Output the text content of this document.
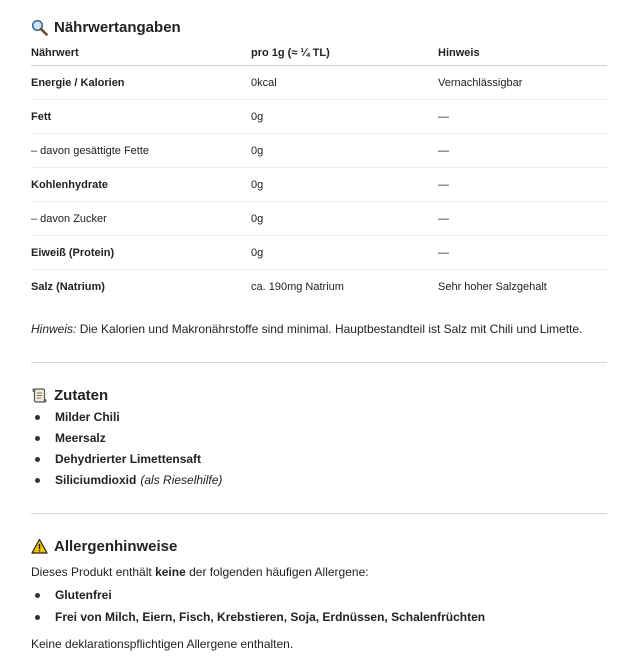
Nährwertangaben
Nährwert	pro 1g (≈ ¼ TL)	Hinweis
Energie / Kalorien	0kcal	Vernachlässigbar
Fett	0g	—
– davon gesättigte Fette	0g	—
Kohlenhydrate	0g	—
– davon Zucker	0g	—
Eiweiß (Protein)	0g	—
Salz (Natrium)	ca. 190mg Natrium	Sehr hoher Salzgehalt
Hinweis: Die Kalorien und Makronährstoffe sind minimal. Hauptbestandteil ist Salz mit Chili und Limette.
Zutaten
Milder Chili
Meersalz
Dehydrierter Limettensaft
Siliciumdioxid (als Rieselhilfe)
Allergenhinweise
Dieses Produkt enthält keine der folgenden häufigen Allergene:
Glutenfrei
Frei von Milch, Eiern, Fisch, Krebstieren, Soja, Erdnüssen, Schalenfrüchten
Keine deklarationspflichtigen Allergene enthalten.
